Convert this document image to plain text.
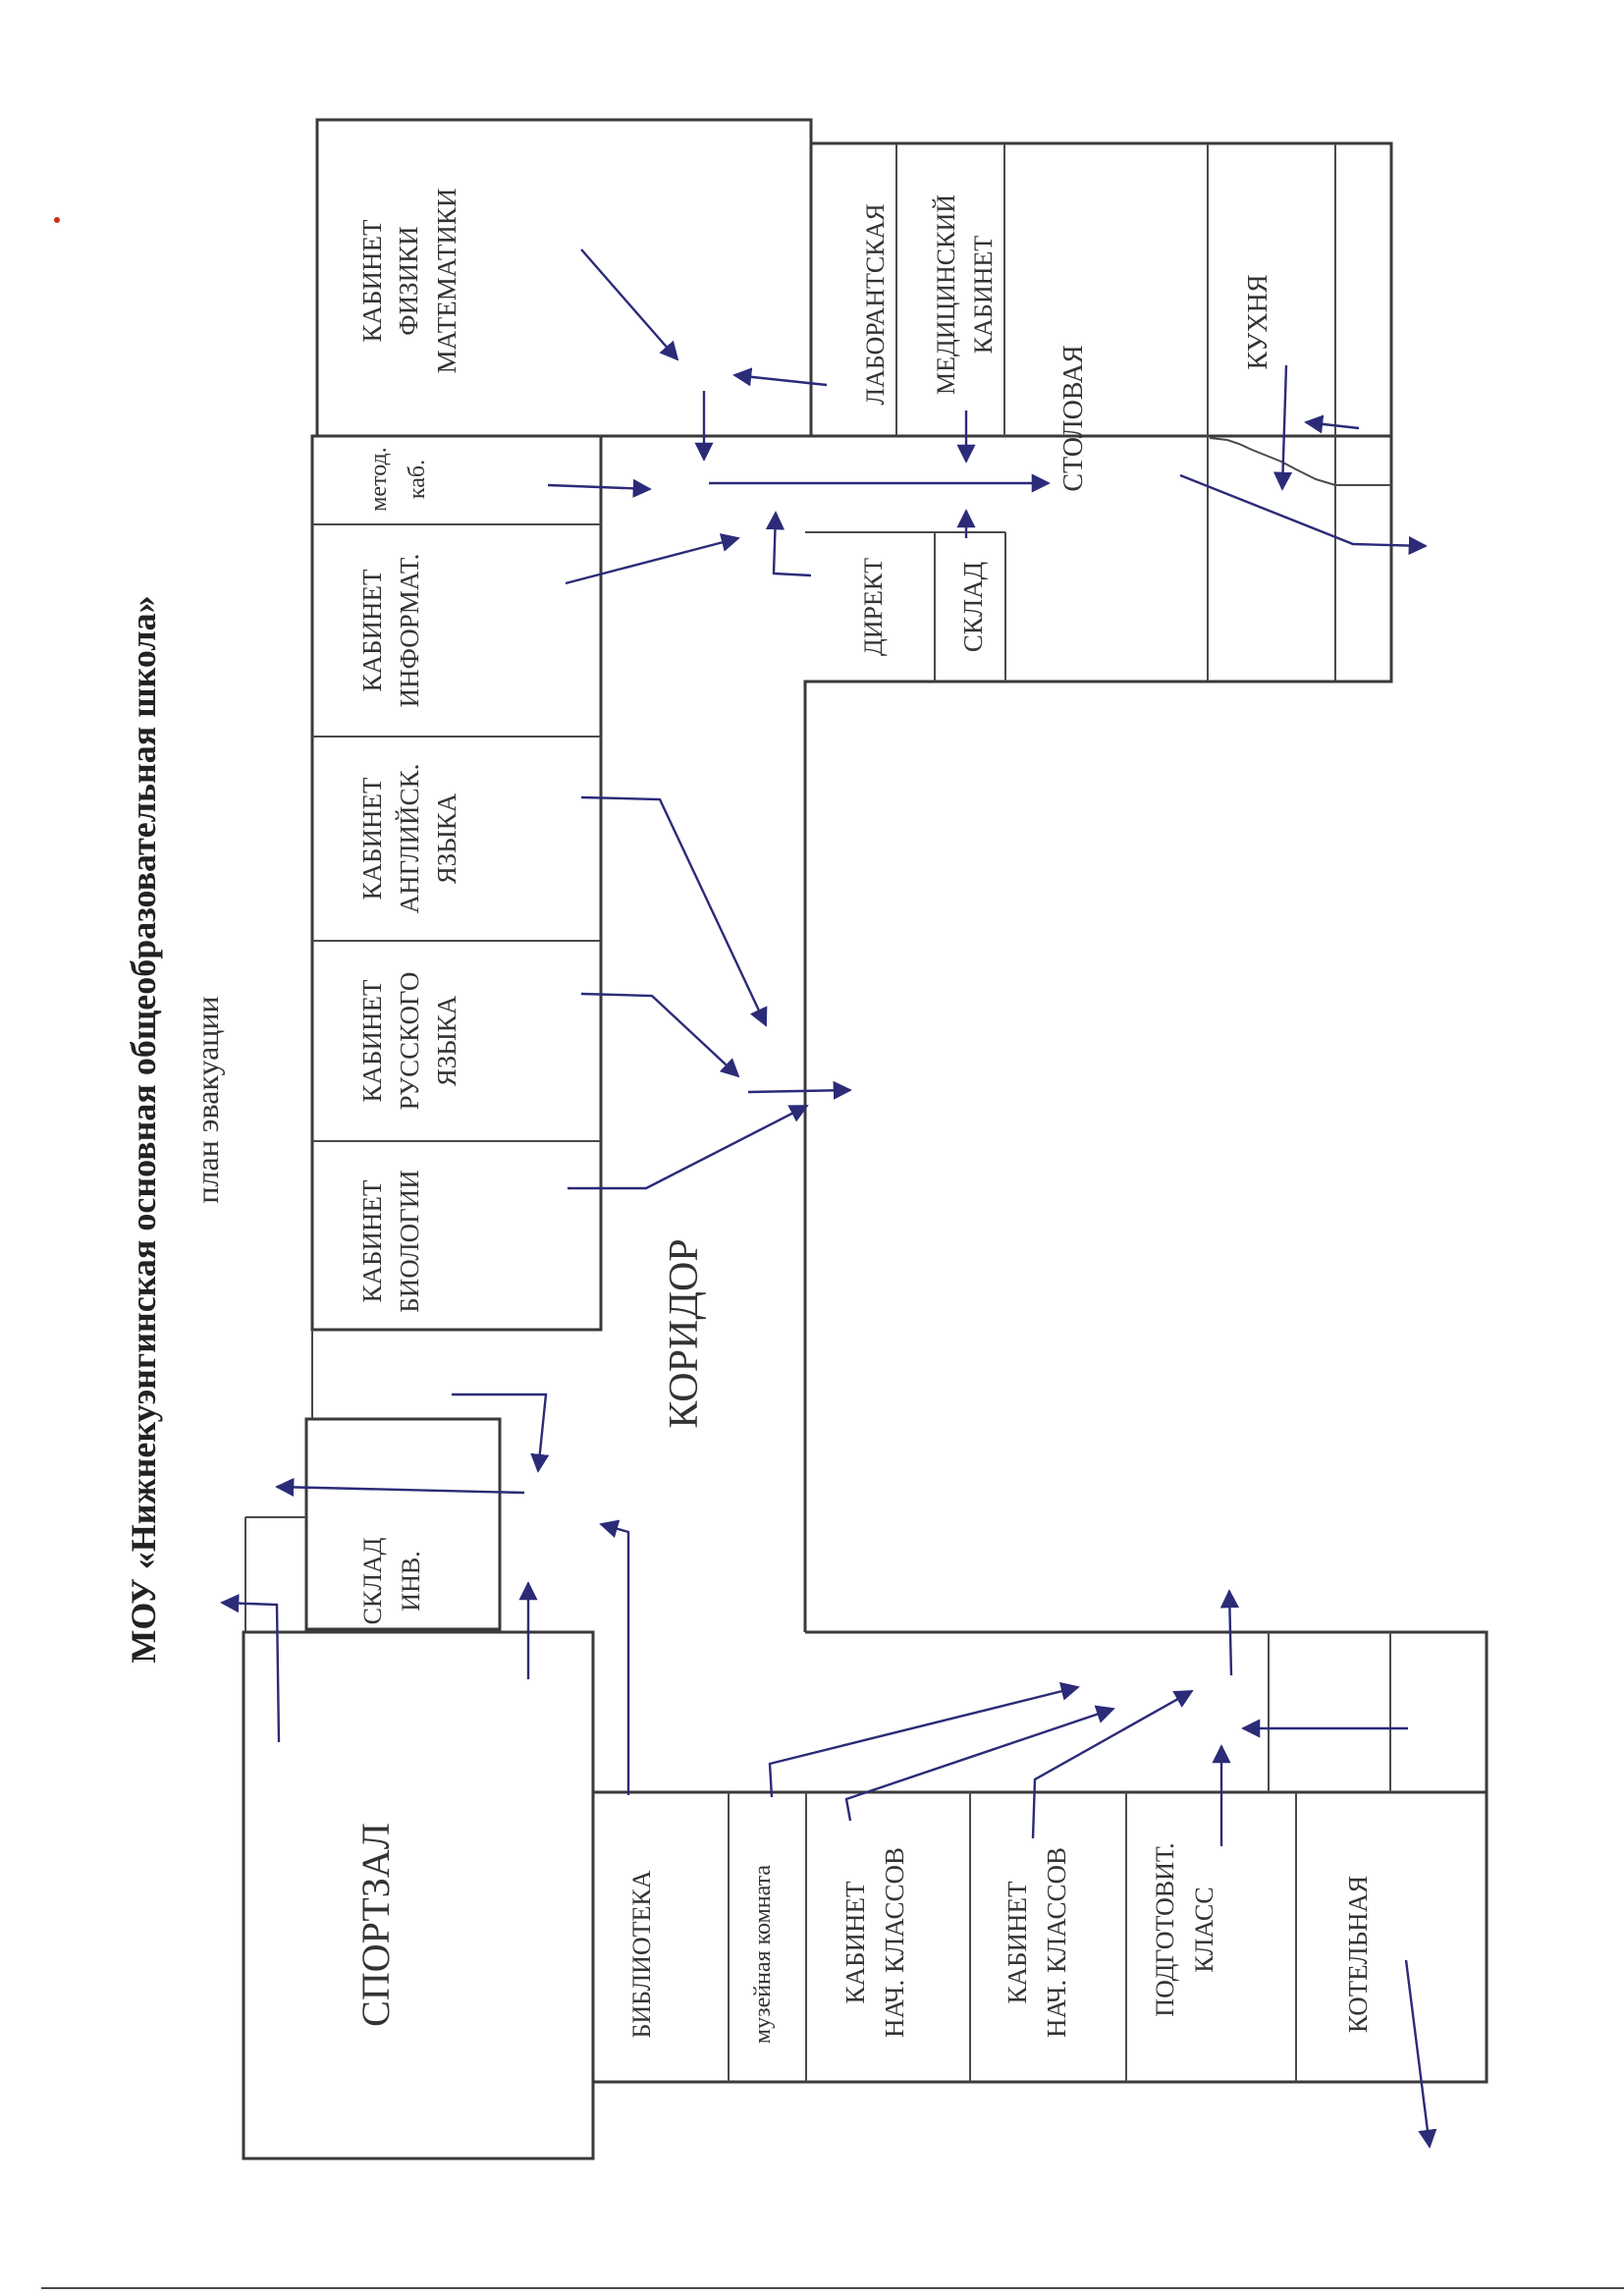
МОУ «Нижнекуэнгинская основная общеобразовательная школа» план эвакуации
КАБИНЕТ ФИЗИКИ МАТЕМАТИКИ	ЛАБОРАНТСКАЯ МЕДИЦИНСКИЙ КАБИНЕТ
СТОЛОВАЯ
КУХНЯ
метод. каб.
ДИРЕКТ	СКЛАД
КАБИНЕТ ИНФОРМАТ.
КАБИНЕТ АНГЛИЙСК. ЯЗЫКА
КАБИНЕТ РУССКОГО ЯЗЫКА
КАБИНЕТ БИОЛОГИИ	КОРИДОР
СКЛАД ИНВ.
СПОРТЗАЛ	БИБЛИОТЕКА	музейная комната КАБИНЕТ НАЧ. КЛАССОВ	КАБИНЕТ НАЧ. КЛАССОВ	ПОДГОТОВИТ. КЛАСС	КОТЕЛЬНАЯ
